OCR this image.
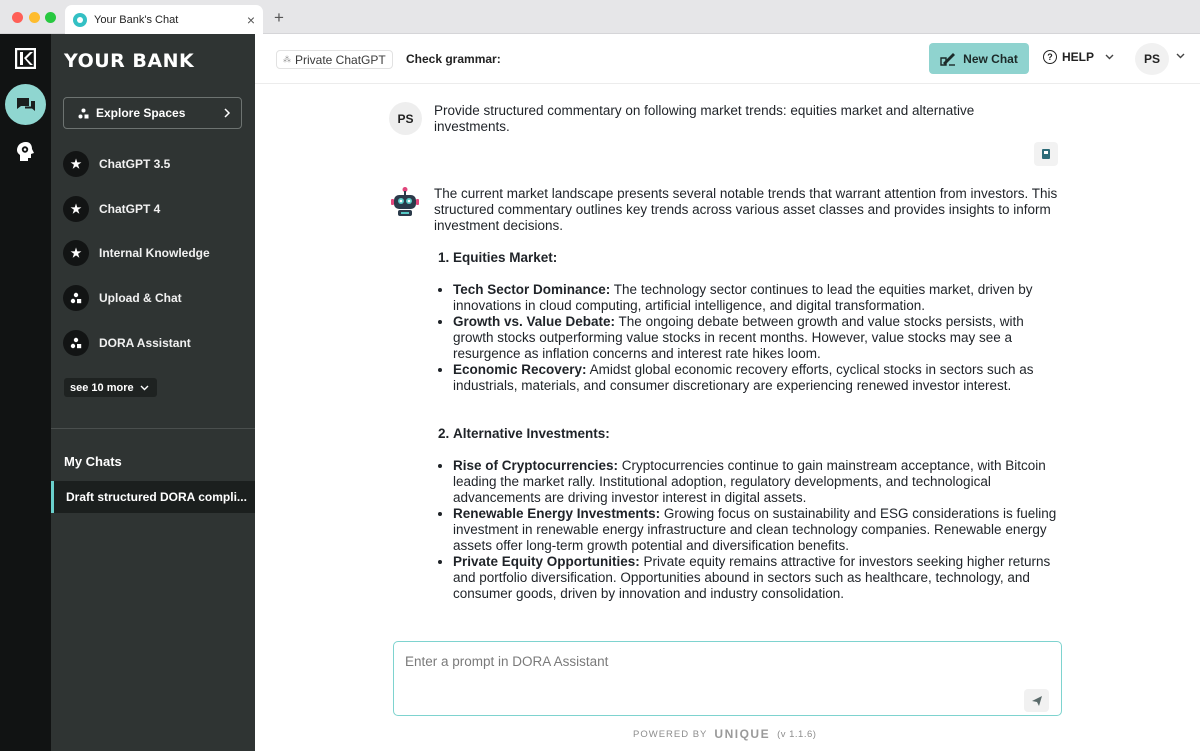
Your Bank's Chat	× +
YOUR BANK
Explore Spaces
★	ChatGPT 3.5
★	ChatGPT 4
★	Internal Knowledge
Upload & Chat
DORA Assistant
see 10 more
My Chats
Draft structured DORA compli...
⁂ Private ChatGPT Check grammar:	New Chat	? HELP	PS
PS
Provide structured commentary on following market trends: equities market and alternative investments.

The current market landscape presents several notable trends that warrant attention from investors. This structured commentary outlines key trends across various asset classes and provides insights to inform investment decisions.

1. Equities Market:
• Tech Sector Dominance: The technology sector continues to lead the equities market, driven by innovations in cloud computing, artificial intelligence, and digital transformation.
• Growth vs. Value Debate: The ongoing debate between growth and value stocks persists, with growth stocks outperforming value stocks in recent months. However, value stocks may see a resurgence as inflation concerns and interest rate hikes loom.
• Economic Recovery: Amidst global economic recovery efforts, cyclical stocks in sectors such as industrials, materials, and consumer discretionary are experiencing renewed investor interest.
2. Alternative Investments:
• Rise of Cryptocurrencies: Cryptocurrencies continue to gain mainstream acceptance, with Bitcoin leading the market rally. Institutional adoption, regulatory developments, and technological advancements are driving investor interest in digital assets.
• Renewable Energy Investments: Growing focus on sustainability and ESG considerations is fueling investment in renewable energy infrastructure and clean technology companies. Renewable energy assets offer long-term growth potential and diversification benefits.
• Private Equity Opportunities: Private equity remains attractive for investors seeking higher returns and portfolio diversification. Opportunities abound in sectors such as healthcare, technology, and consumer goods, driven by innovation and industry consolidation.
Enter a prompt in DORA Assistant
POWERED BY UNIQUE (v 1.1.6)
